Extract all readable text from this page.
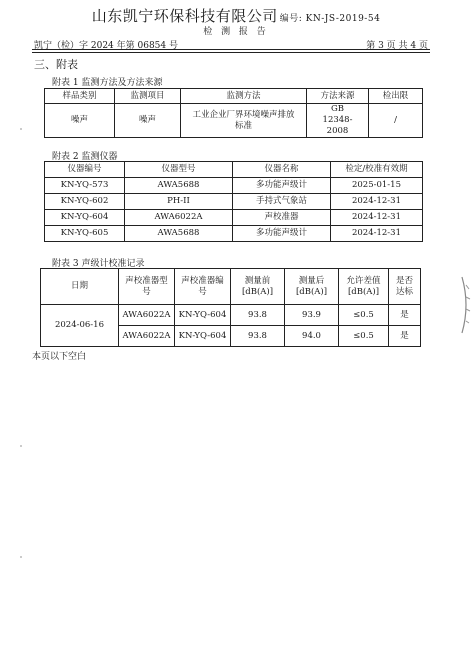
山东凯宁环保科技有限公司 编号: KN-JS-2019-54
检 测 报 告
凯宁（检）字 2024 年第 06854 号	第 3 页 共 4 页
三、附表
附表 1 监测方法及方法来源
样品类别	监测项目	监测方法	方法来源	检出限
噪声	噪声	工业企业厂界环境噪声排放标准	GB 12348-2008	/
附表 2 监测仪器
仪器编号	仪器型号	仪器名称	检定/校准有效期
KN-YQ-573	AWA5688	多功能声级计	2025-01-15
KN-YQ-602	PH-II	手持式气象站	2024-12-31
KN-YQ-604	AWA6022A	声校准器	2024-12-31
KN-YQ-605	AWA5688	多功能声级计	2024-12-31
附表 3 声级计校准记录
日期	声校准器型号	声校准器编号	测量前 [dB(A)]	测量后 [dB(A)]	允许差值 [dB(A)]	是否达标
2024-06-16	AWA6022A	KN-YQ-604	93.8	93.9	≤0.5	是
	AWA6022A	KN-YQ-604	93.8	94.0	≤0.5	是
本页以下空白
